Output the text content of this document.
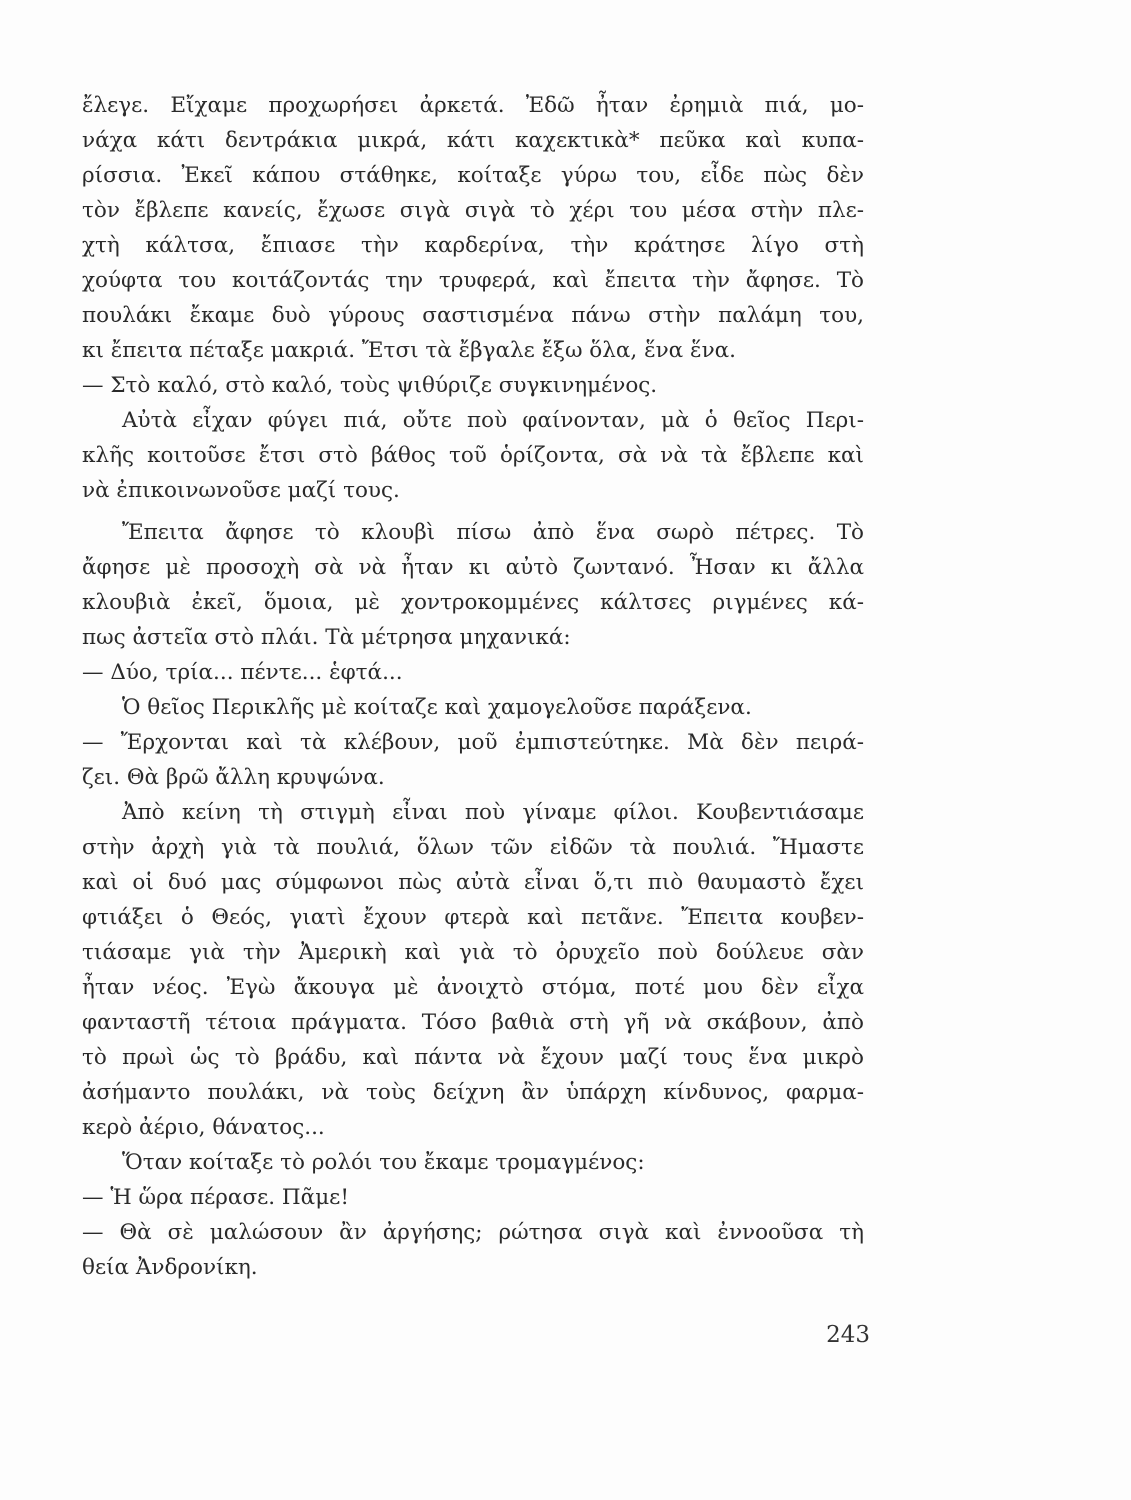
ἔλεγε. Εἴχαμε προχωρήσει ἀρκετά. Ἐδῶ ἦταν ἐρημιὰ πιά, μο-
νάχα κάτι δεντράκια μικρά, κάτι καχεκτικὰ* πεῦκα καὶ κυπα-
ρίσσια. Ἐκεῖ κάπου στάθηκε, κοίταξε γύρω του, εἶδε πὼς δὲν
τὸν ἔβλεπε κανείς, ἔχωσε σιγὰ σιγὰ τὸ χέρι του μέσα στὴν πλε-
χτὴ κάλτσα, ἔπιασε τὴν καρδερίνα, τὴν κράτησε λίγο στὴ
χούφτα του κοιτάζοντάς την τρυφερά, καὶ ἔπειτα τὴν ἄφησε. Τὸ
πουλάκι ἔκαμε δυὸ γύρους σαστισμένα πάνω στὴν παλάμη του,
κι ἔπειτα πέταξε μακριά. Ἔτσι τὰ ἔβγαλε ἔξω ὅλα, ἕνα ἕνα.
— Στὸ καλό, στὸ καλό, τοὺς ψιθύριζε συγκινημένος.
Αὐτὰ εἶχαν φύγει πιά, οὔτε ποὺ φαίνονταν, μὰ ὁ θεῖος Περι-
κλῆς κοιτοῦσε ἔτσι στὸ βάθος τοῦ ὁρίζοντα, σὰ νὰ τὰ ἔβλεπε καὶ
νὰ ἐπικοινωνοῦσε μαζί τους.
Ἔπειτα ἄφησε τὸ κλουβὶ πίσω ἀπὸ ἕνα σωρὸ πέτρες. Τὸ
ἄφησε μὲ προσοχὴ σὰ νὰ ἦταν κι αὐτὸ ζωντανό. Ἦσαν κι ἄλλα
κλουβιὰ ἐκεῖ, ὅμοια, μὲ χοντροκομμένες κάλτσες ριγμένες κά-
πως ἀστεῖα στὸ πλάι. Τὰ μέτρησα μηχανικά:
— Δύο, τρία... πέντε... ἑφτά...
Ὁ θεῖος Περικλῆς μὲ κοίταζε καὶ χαμογελοῦσε παράξενα.
— Ἔρχονται καὶ τὰ κλέβουν, μοῦ ἐμπιστεύτηκε. Μὰ δὲν πειρά-
ζει. Θὰ βρῶ ἄλλη κρυψώνα.
Ἀπὸ κείνη τὴ στιγμὴ εἶναι ποὺ γίναμε φίλοι. Κουβεντιάσαμε
στὴν ἀρχὴ γιὰ τὰ πουλιά, ὅλων τῶν εἰδῶν τὰ πουλιά. Ἤμαστε
καὶ οἱ δυό μας σύμφωνοι πὼς αὐτὰ εἶναι ὅ,τι πιὸ θαυμαστὸ ἔχει
φτιάξει ὁ Θεός, γιατὶ ἔχουν φτερὰ καὶ πετᾶνε. Ἔπειτα κουβεν-
τιάσαμε γιὰ τὴν Ἀμερικὴ καὶ γιὰ τὸ ὀρυχεῖο ποὺ δούλευε σὰν
ἦταν νέος. Ἐγὼ ἄκουγα μὲ ἀνοιχτὸ στόμα, ποτέ μου δὲν εἶχα
φανταστῆ τέτοια πράγματα. Τόσο βαθιὰ στὴ γῆ νὰ σκάβουν, ἀπὸ
τὸ πρωὶ ὡς τὸ βράδυ, καὶ πάντα νὰ ἔχουν μαζί τους ἕνα μικρὸ
ἀσήμαντο πουλάκι, νὰ τοὺς δείχνη ἂν ὑπάρχη κίνδυνος, φαρμα-
κερὸ ἀέριο, θάνατος...
Ὅταν κοίταξε τὸ ρολόι του ἔκαμε τρομαγμένος:
— Ἡ ὥρα πέρασε. Πᾶμε!
— Θὰ σὲ μαλώσουν ἂν ἀργήσης; ρώτησα σιγὰ καὶ ἐννοοῦσα τὴ
θεία Ἀνδρονίκη.
243
